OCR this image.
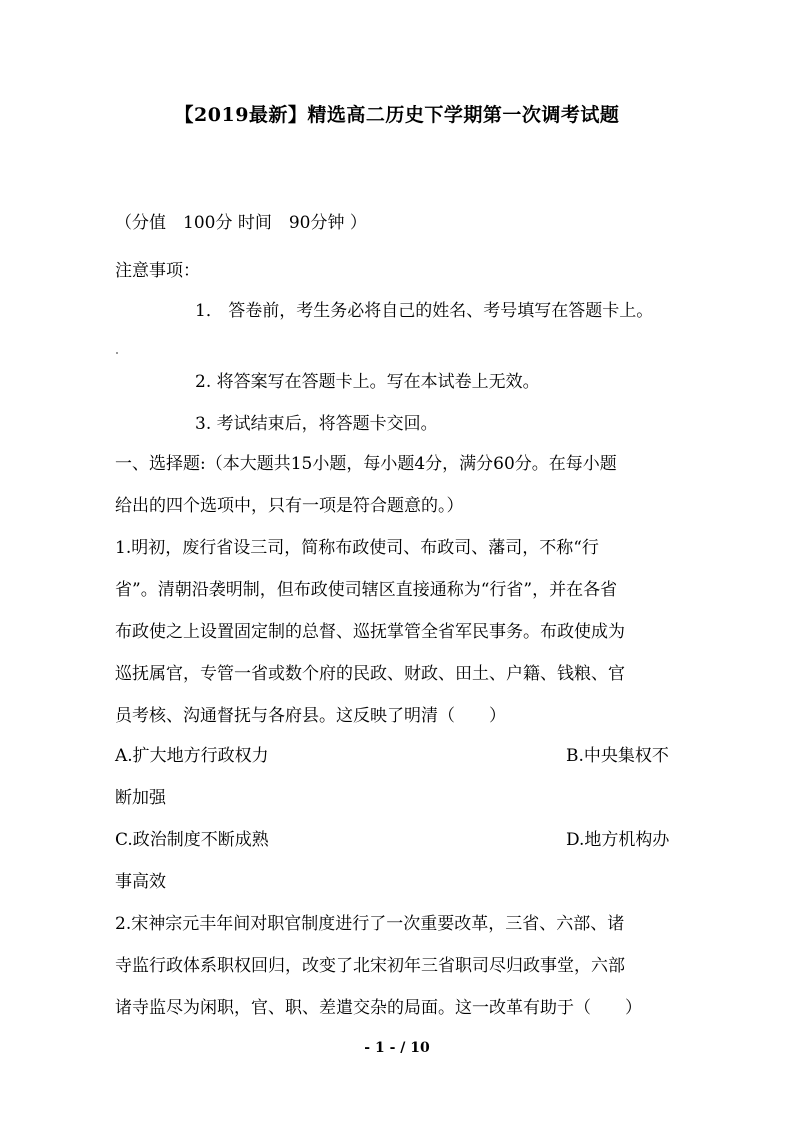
【2019最新】精选高二历史下学期第一次调考试题
（分值　100分 时间　90分钟 ）
注意事项：
1． 答卷前，考生务必将自己的姓名、考号填写在答题卡上。
2. 将答案写在答题卡上。写在本试卷上无效。
3. 考试结束后，将答题卡交回。
一、选择题:（本大题共15小题，每小题4分，满分60分。在每小题
给出的四个选项中，只有一项是符合题意的。）
1.明初，废行省设三司，简称布政使司、布政司、藩司，不称“行
省”。清朝沿袭明制，但布政使司辖区直接通称为“行省”，并在各省
布政使之上设置固定制的总督、巡抚掌管全省军民事务。布政使成为
巡抚属官，专管一省或数个府的民政、财政、田土、户籍、钱粮、官
员考核、沟通督抚与各府县。这反映了明清（　　）
A.扩大地方行政权力	B.中央集权不
断加强
C.政治制度不断成熟	D.地方机构办
事高效
2.宋神宗元丰年间对职官制度进行了一次重要改革，三省、六部、诸
寺监行政体系职权回归，改变了北宋初年三省职司尽归政事堂，六部
诸寺监尽为闲职，官、职、差遣交杂的局面。这一改革有助于（　　）
- 1 - / 10
